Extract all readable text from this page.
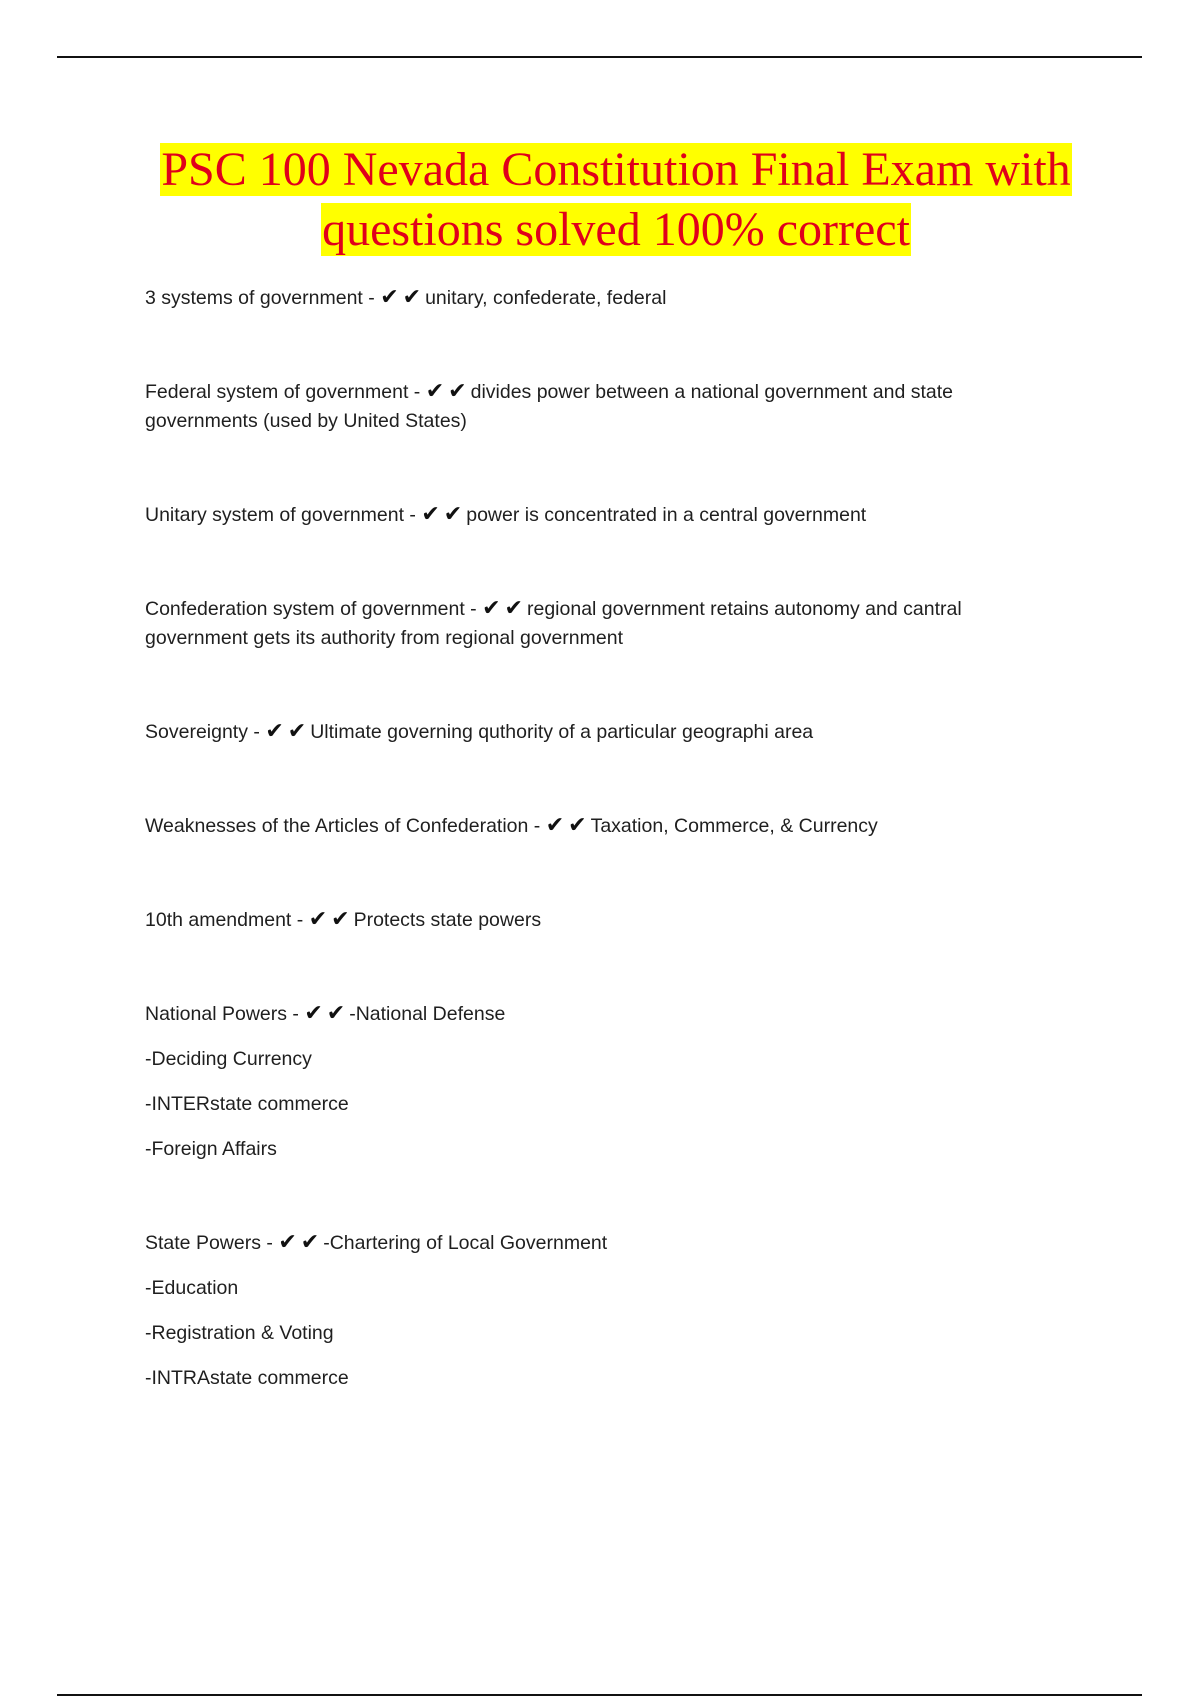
PSC 100 Nevada Constitution Final Exam with
questions solved 100% correct
3 systems of government - ✔ ✔ unitary, confederate, federal
Federal system of government - ✔ ✔ divides power between a national government and state governments (used by United States)
Unitary system of government - ✔ ✔ power is concentrated in a central government
Confederation system of government - ✔ ✔ regional government retains autonomy and cantral government gets its authority from regional government
Sovereignty - ✔ ✔ Ultimate governing quthority of a particular geographi area
Weaknesses of the Articles of Confederation - ✔ ✔ Taxation, Commerce, & Currency
10th amendment - ✔ ✔ Protects state powers
National Powers - ✔ ✔ -National Defense
-Deciding Currency
-INTERstate commerce
-Foreign Affairs
State Powers - ✔ ✔ -Chartering of Local Government
-Education
-Registration & Voting
-INTRAstate commerce
